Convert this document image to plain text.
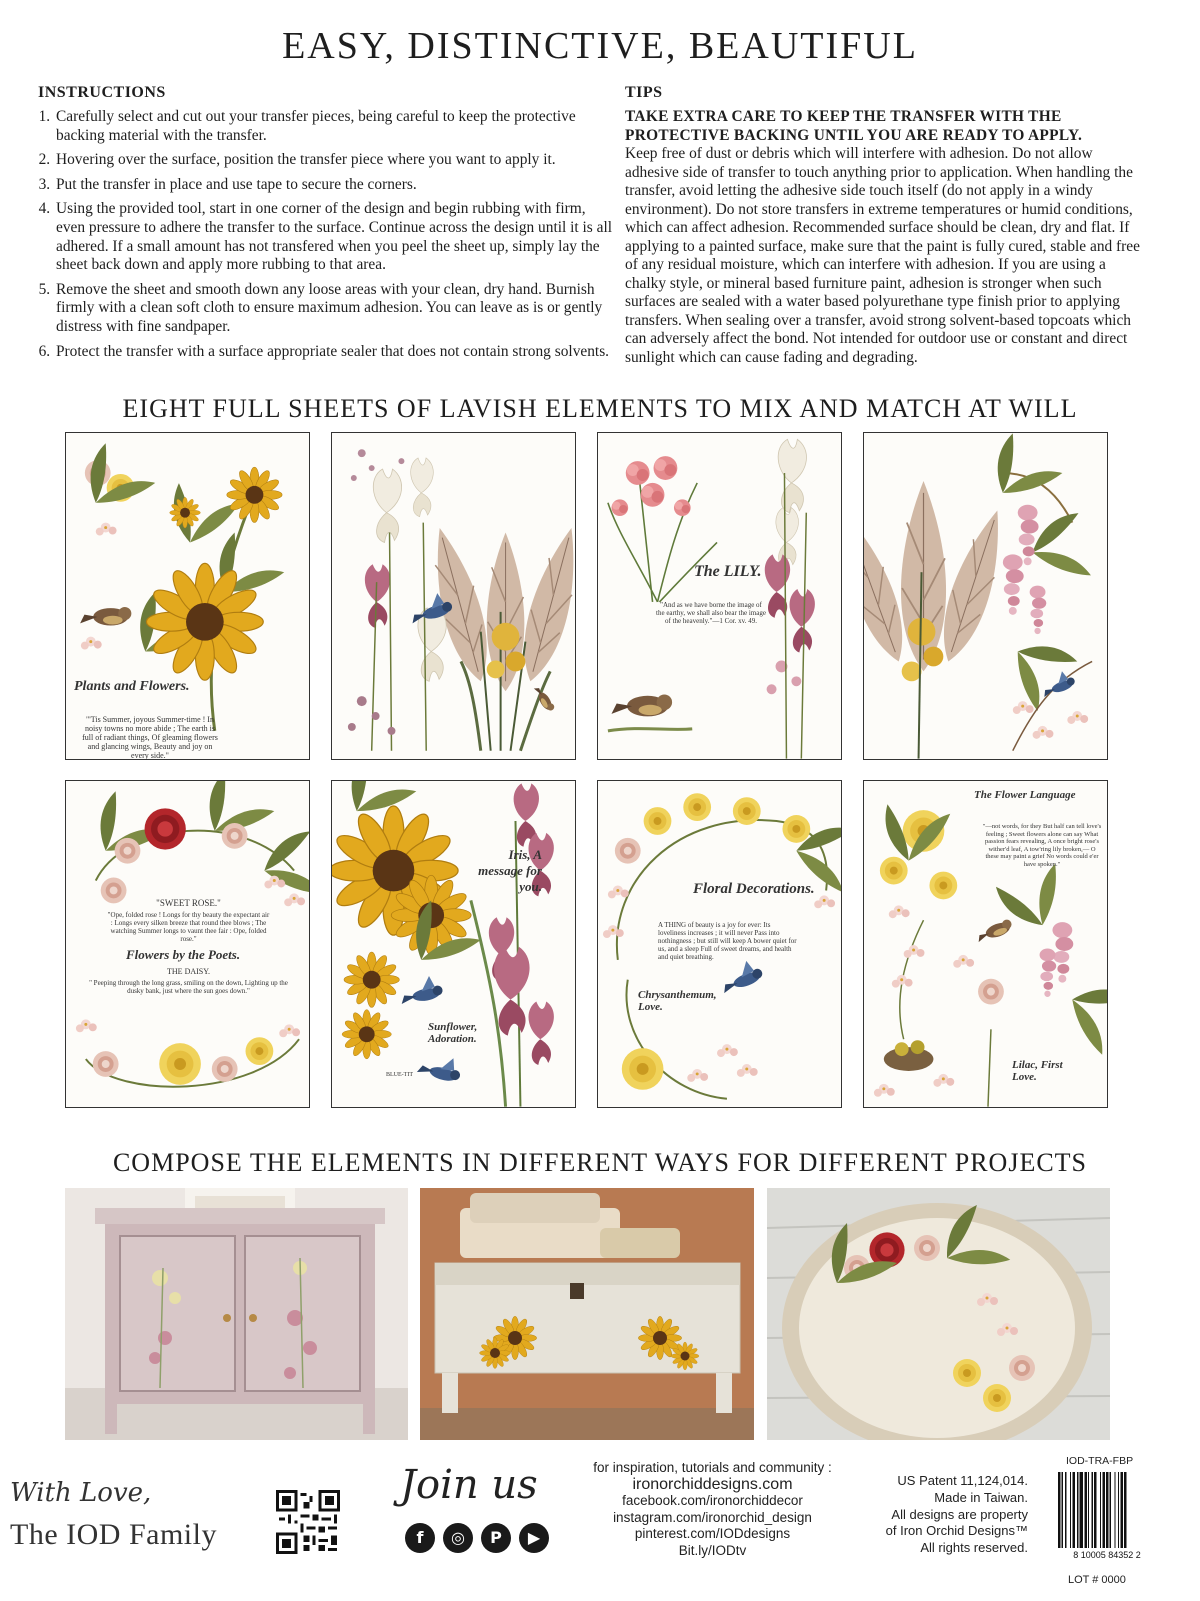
EASY, DISTINCTIVE, BEAUTIFUL
INSTRUCTIONS
1. Carefully select and cut out your transfer pieces, being careful to keep the protective backing material with the transfer.
2. Hovering over the surface, position the transfer piece where you want to apply it.
3. Put the transfer in place and use tape to secure the corners.
4. Using the provided tool, start in one corner of the design and begin rubbing with firm, even pressure to adhere the transfer to the surface. Continue across the design until it is all adhered. If a small amount has not transfered when you peel the sheet up, simply lay the sheet back down and apply more rubbing to that area.
5. Remove the sheet and smooth down any loose areas with your clean, dry hand. Burnish firmly with a clean soft cloth to ensure maximum adhesion. You can leave as is or gently distress with fine sandpaper.
6. Protect the transfer with a surface appropriate sealer that does not contain strong solvents.
TIPS
TAKE EXTRA CARE TO KEEP THE TRANSFER WITH THE PROTECTIVE BACKING UNTIL YOU ARE READY TO APPLY.
Keep free of dust or debris which will interfere with adhesion. Do not allow adhesive side of transfer to touch anything prior to application. When handling the transfer, avoid letting the adhesive side touch itself (do not apply in a windy environment). Do not store transfers in extreme temperatures or humid conditions, which can affect adhesion. Recommended surface should be clean, dry and flat. If applying to a painted surface, make sure that the paint is fully cured, stable and free of any residual moisture, which can interfere with adhesion. If you are using a chalky style, or mineral based furniture paint, adhesion is stronger when such surfaces are sealed with a water based polyurethane type finish prior to applying transfers. When sealing over a transfer, avoid strong solvent-based topcoats which can adversely affect the bond. Not intended for outdoor use or constant and direct sunlight which can cause fading and degrading.
EIGHT FULL SHEETS OF LAVISH ELEMENTS TO MIX AND MATCH AT WILL
Plants and Flowers.
"'Tis Summer, joyous Summer-time ! In noisy towns no more abide ; The earth is full of radiant things, Of gleaming flowers and glancing wings, Beauty and joy on every side."
The LILY.
"And as we have borne the image of the earthy, we shall also bear the image of the heavenly."—1 Cor. xv. 49.
"SWEET ROSE."
"Ope, folded rose ! Longs for thy beauty the expectant air : Longs every silken breeze that round thee blows ; The watching Summer longs to vaunt thee fair : Ope, folded rose."
Flowers by the Poets.
THE DAISY.
" Peeping through the long grass, smiling on the down, Lighting up the dusky bank, just where the sun goes down."
Iris, A message for you.
Sunflower, Adoration.
BLUE-TIT
Floral Decorations.
A THING of beauty is a joy for ever: Its loveliness increases ; it will never Pass into nothingness ; but still will keep A bower quiet for us, and a sleep Full of sweet dreams, and health and quiet breathing.
Chrysanthemum, Love.
The Flower Language
"—not words, for they But half can tell love's feeling ; Sweet flowers alone can say What passion fears revealing, A once bright rose's wither'd leaf, A tow'ring lily broken,— O these may paint a grief No words could e'er have spoken."
Lilac, First Love.
COMPOSE THE ELEMENTS IN DIFFERENT WAYS FOR DIFFERENT PROJECTS
With Love,
The IOD Family
Join us
f	◎	P	▶
for inspiration, tutorials and community :
ironorchiddesigns.com
facebook.com/ironorchiddecor
instagram.com/ironorchid_design
pinterest.com/IODdesigns
Bit.ly/IODtv
US Patent 11,124,014.
Made in Taiwan.
All designs are property
of Iron Orchid Designs™
All rights reserved.
IOD-TRA-FBP
8 10005 84352 2
LOT # 0000
